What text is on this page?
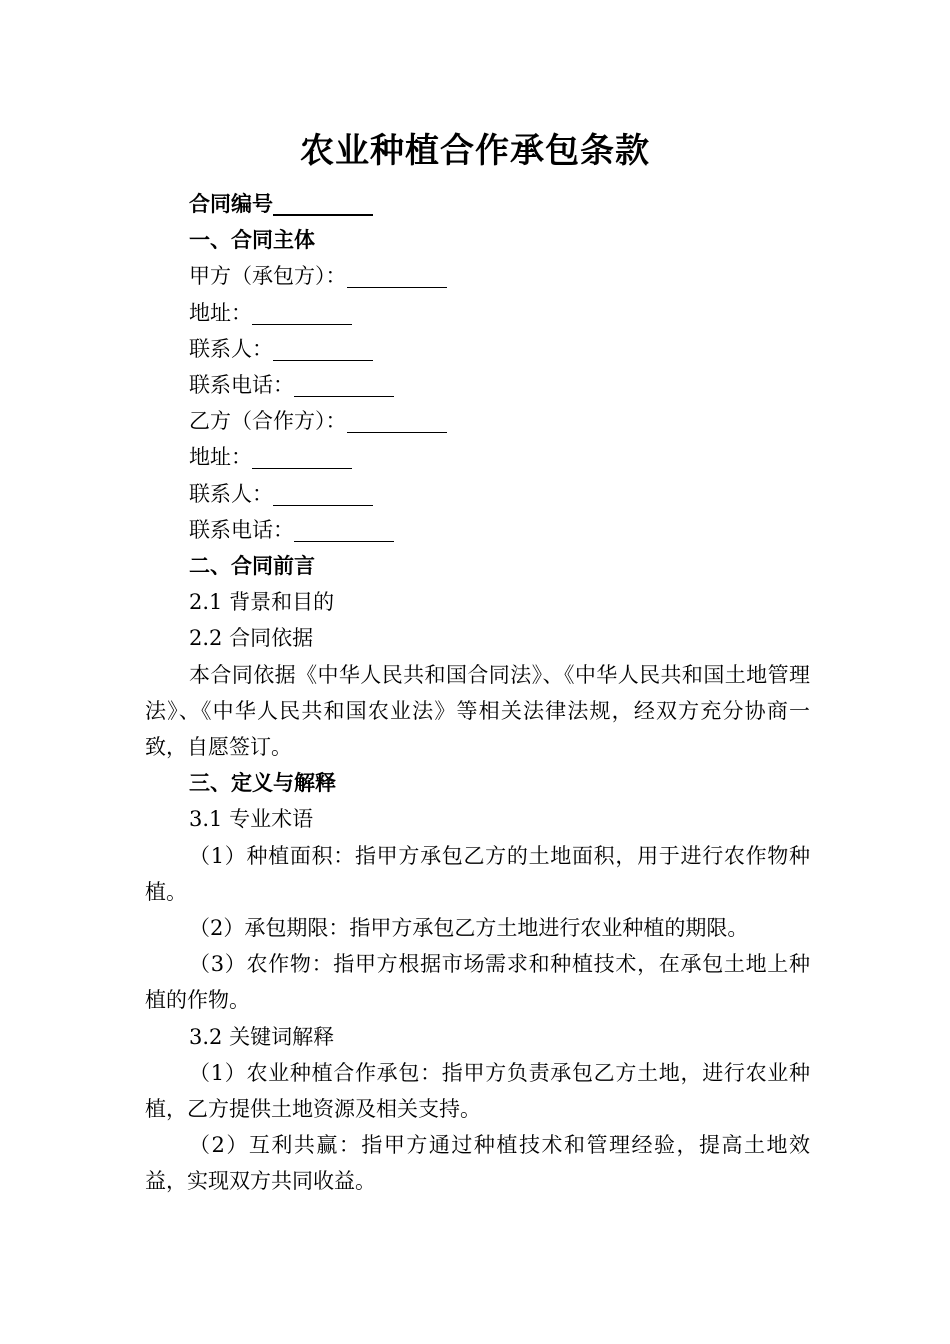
农业种植合作承包条款

合同编号

一、合同主体

甲方（承包方）：

地址：

联系人：

联系电话：

乙方（合作方）：

地址：

联系人：

联系电话：

二、合同前言

2.1 背景和目的

2.2 合同依据

本合同依据《中华人民共和国合同法》、《中华人民共和国土地管理法》、《中华人民共和国农业法》等相关法律法规，经双方充分协商一致，自愿签订。

三、定义与解释

3.1 专业术语

（1）种植面积：指甲方承包乙方的土地面积，用于进行农作物种植。

（2）承包期限：指甲方承包乙方土地进行农业种植的期限。

（3）农作物：指甲方根据市场需求和种植技术，在承包土地上种植的作物。

3.2 关键词解释

（1）农业种植合作承包：指甲方负责承包乙方土地，进行农业种植，乙方提供土地资源及相关支持。

（2）互利共赢：指甲方通过种植技术和管理经验，提高土地效益，实现双方共同收益。
